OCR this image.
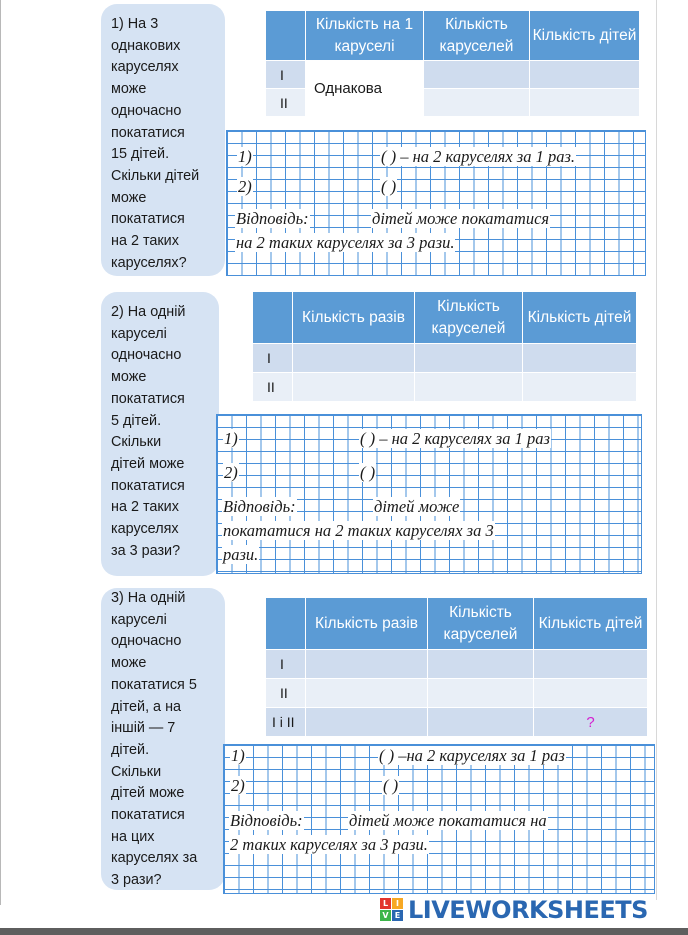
1) На 3
однакових
каруселях
може
одночасно
покататися
15 дітей.
Скільки дітей
може
покататися
на 2 таких
каруселях?
	Кількість на 1 каруселі	Кількість каруселей	Кількість дітей
I	Однакова		
II			
1)	( ) – на 2 каруселях за 1 раз.
2)	( )
Відповідь:	дітей може покататися
на 2 таких каруселях за 3 рази.
2) На одній
каруселі
одночасно
може
покататися
5 дітей.
Скільки
дітей може
покататися
на 2 таких
каруселях
за 3 рази?
	Кількість разів	Кількість каруселей	Кількість дітей
I			
II			
1)	( ) – на 2 каруселях за 1 раз
2)	( )
Відповідь:	дітей може
покататися на 2 таких каруселях за 3
рази.
3) На одній
каруселі
одночасно
може
покататися 5
дітей, а на
іншій — 7
дітей.
Скільки
дітей може
покататися
на цих
каруселях за
3 рази?
	Кількість разів	Кількість каруселей	Кількість дітей
I			
II			
I і II			?
1)	( ) –на 2 каруселях за 1 раз
2)	( )
Відповідь:	дітей може покататися на
2 таких каруселях за 3 рази.
L I
V E LIVEWORKSHEETS
